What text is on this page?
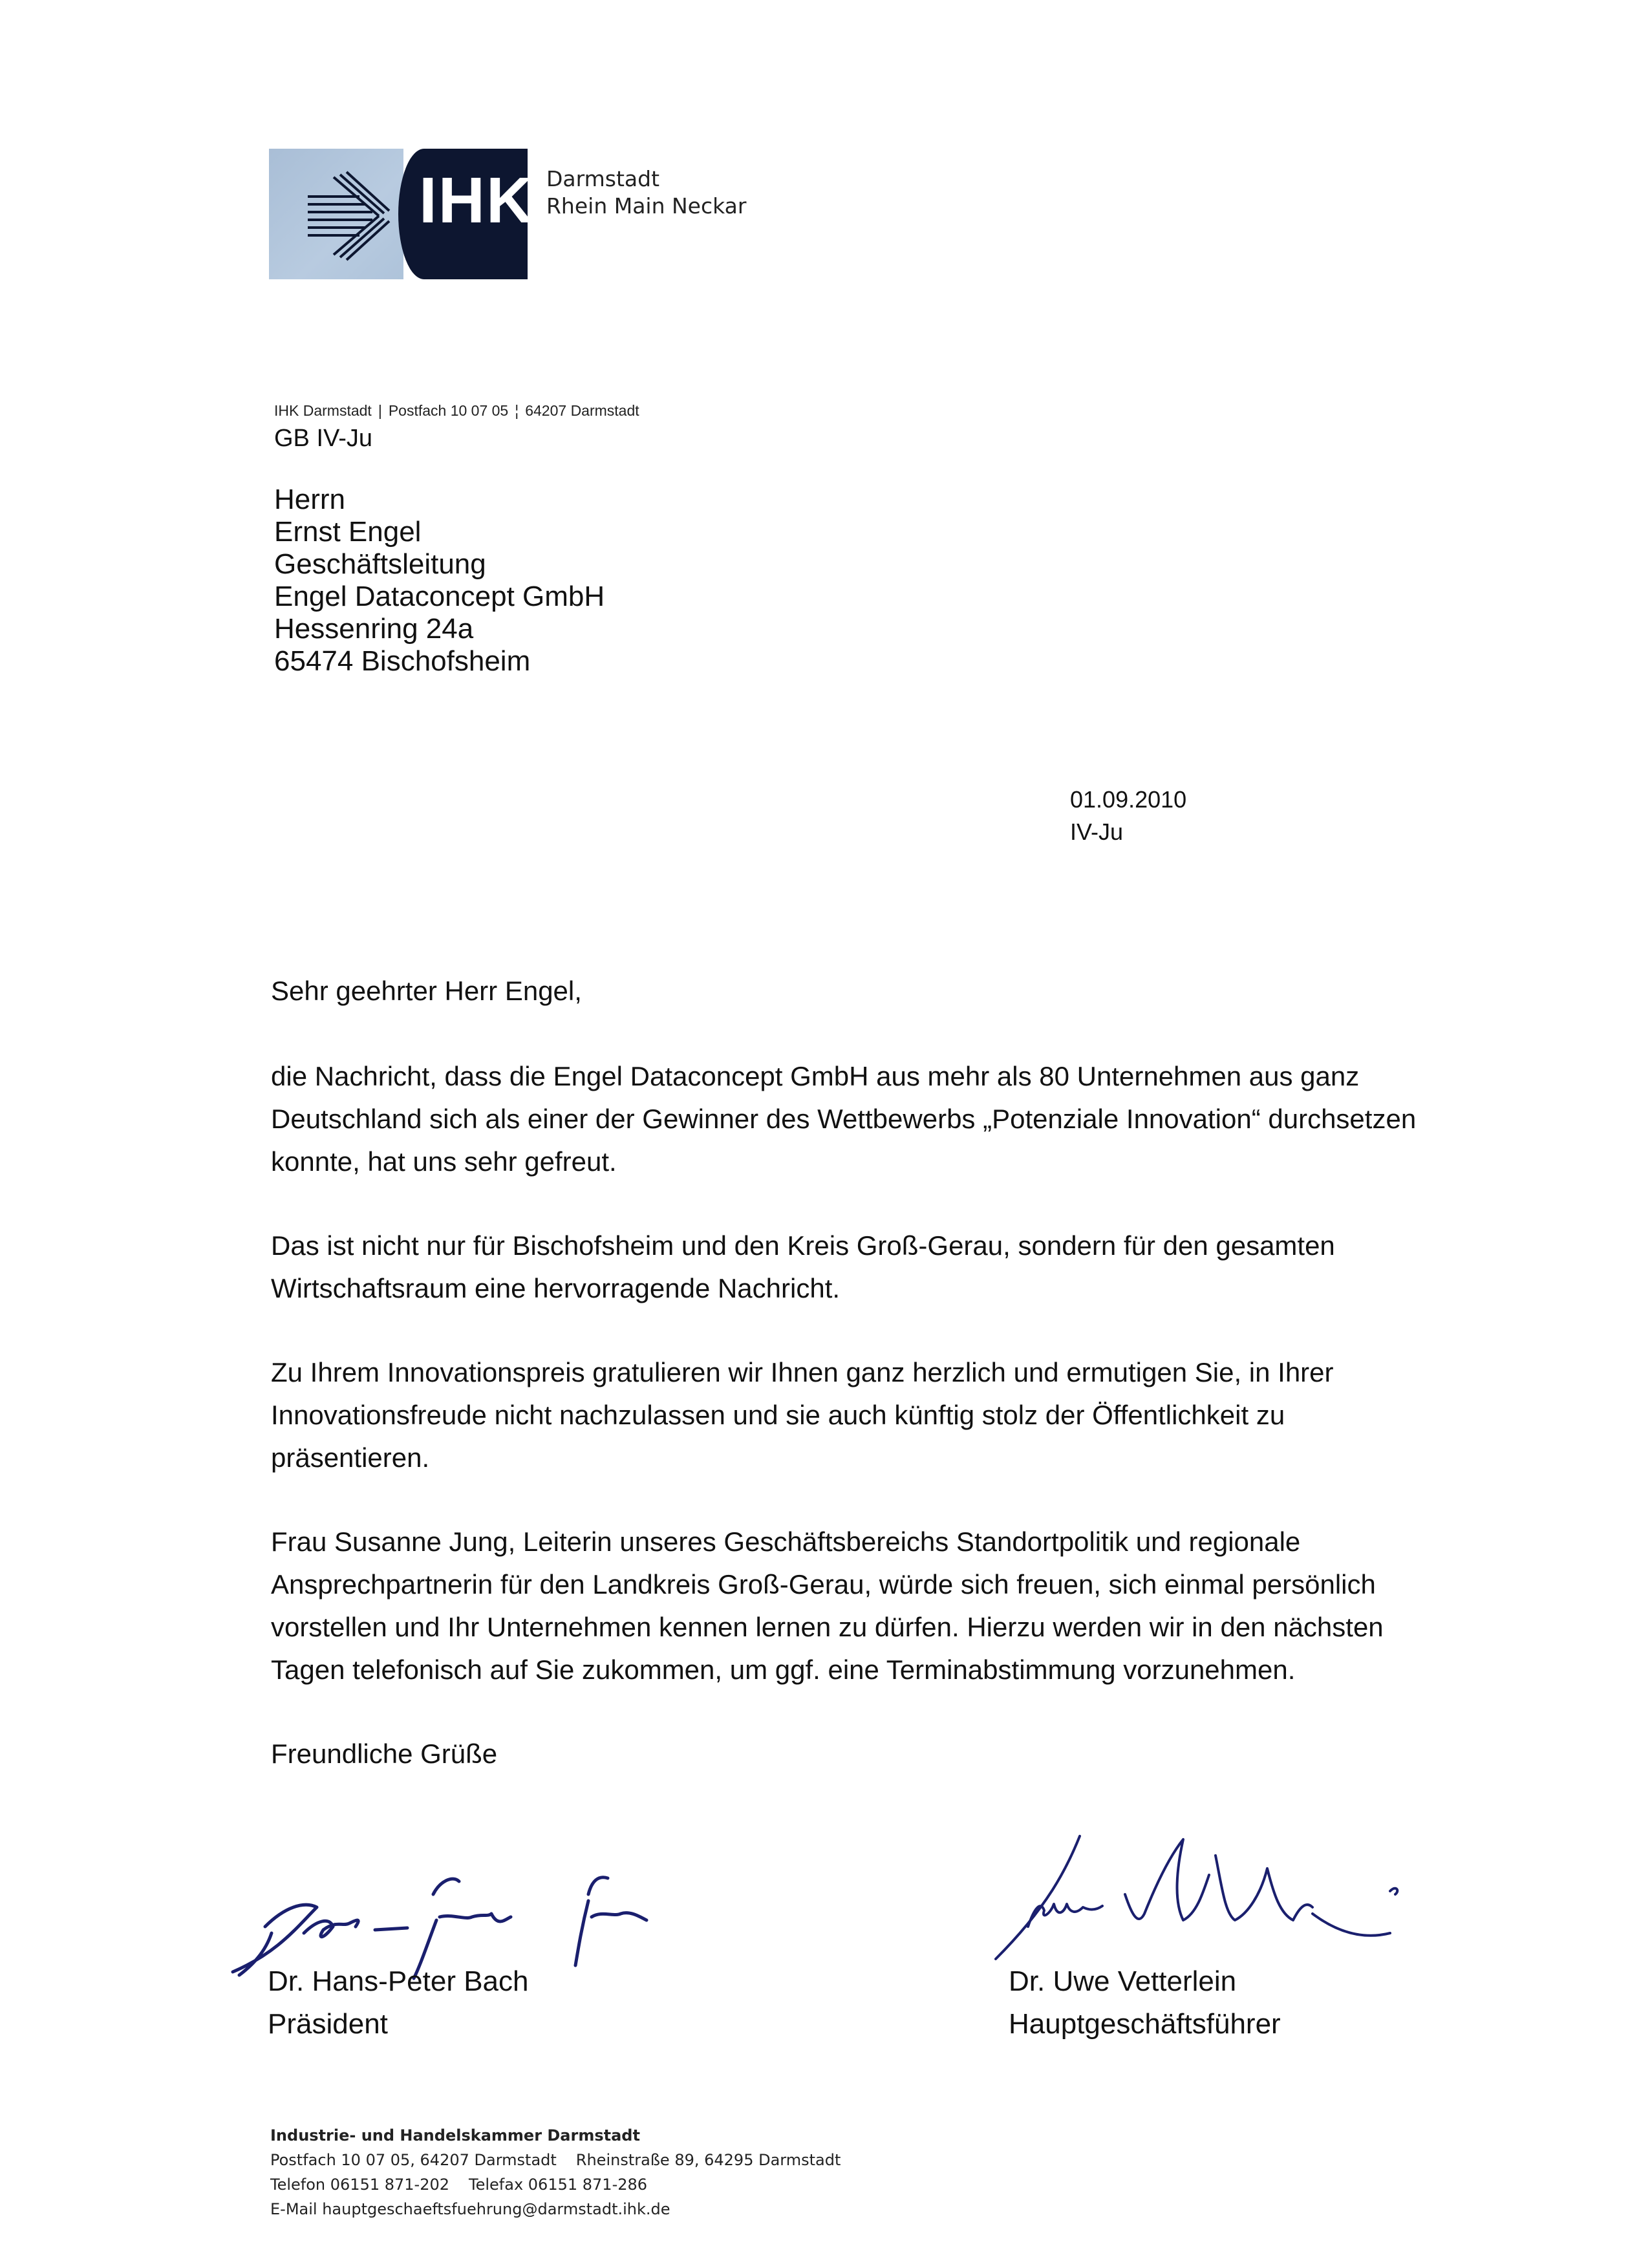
IHK Darmstadt
Rhein Main Neckar
IHK Darmstadt | Postfach 10 07 05 ¦ 64207 Darmstadt
GB IV-Ju
Herrn
Ernst Engel
Geschäftsleitung
Engel Dataconcept GmbH
Hessenring 24a
65474 Bischofsheim
01.09.2010
IV-Ju

Sehr geehrter Herr Engel,

die Nachricht, dass die Engel Dataconcept GmbH aus mehr als 80 Unternehmen aus ganz Deutschland sich als einer der Gewinner des Wettbewerbs „Potenziale Innovation“ durchsetzen konnte, hat uns sehr gefreut.

Das ist nicht nur für Bischofsheim und den Kreis Groß-Gerau, sondern für den gesamten Wirtschaftsraum eine hervorragende Nachricht.

Zu Ihrem Innovationspreis gratulieren wir Ihnen ganz herzlich und ermutigen Sie, in Ihrer Innovationsfreude nicht nachzulassen und sie auch künftig stolz der Öffentlichkeit zu präsentieren.

Frau Susanne Jung, Leiterin unseres Geschäftsbereichs Standortpolitik und regionale Ansprechpartnerin für den Landkreis Groß-Gerau, würde sich freuen, sich einmal persönlich vorstellen und Ihr Unternehmen kennen lernen zu dürfen. Hierzu werden wir in den nächsten Tagen telefonisch auf Sie zukommen, um ggf. eine Terminabstimmung vorzunehmen.

Freundliche Grüße

Dr. Hans-Peter Bach
Präsident
Dr. Uwe Vetterlein
Hauptgeschäftsführer
Industrie- und Handelskammer Darmstadt
Postfach 10 07 05, 64207 Darmstadt Rheinstraße 89, 64295 Darmstadt
Telefon 06151 871-202 Telefax 06151 871-286
E-Mail hauptgeschaeftsfuehrung@darmstadt.ihk.de
